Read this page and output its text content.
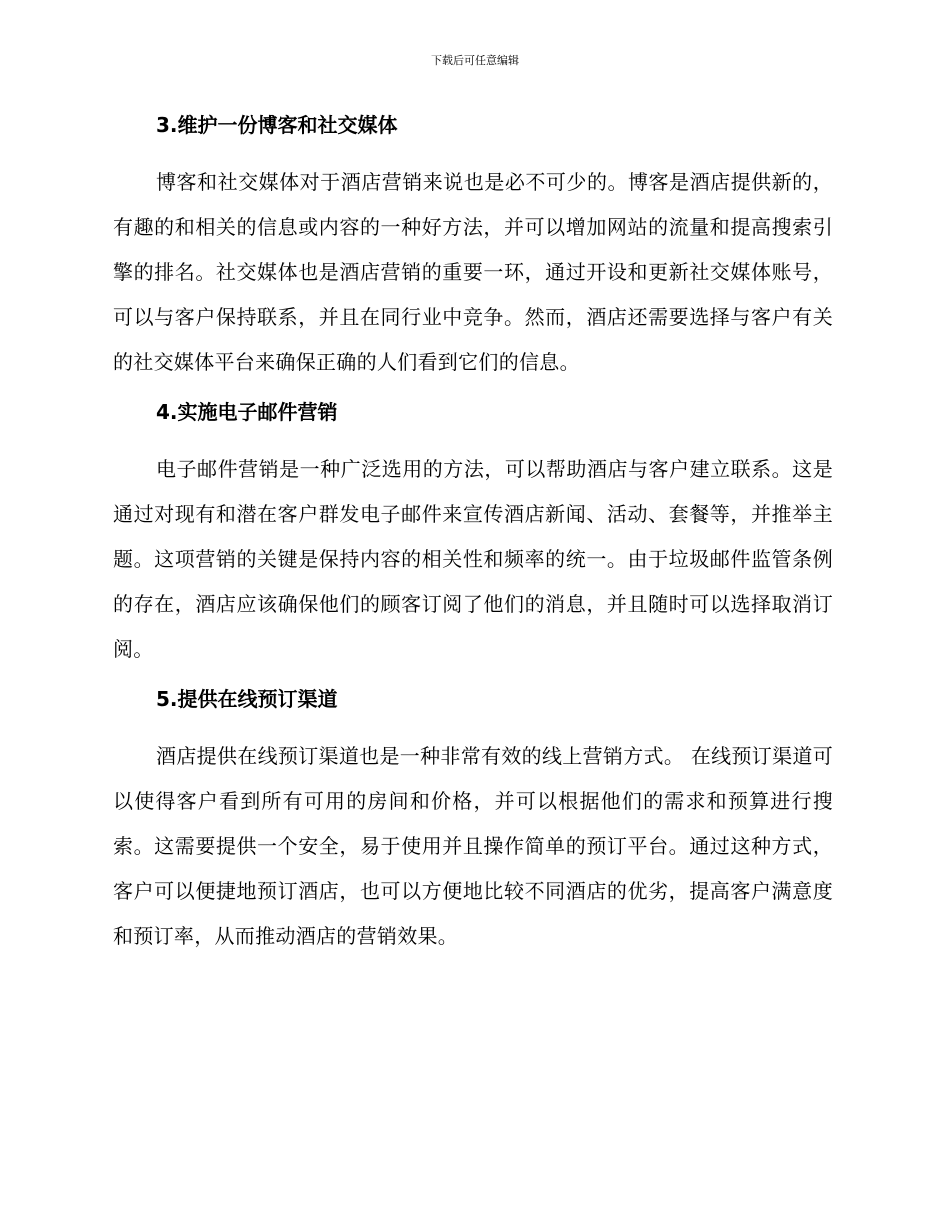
下载后可任意编辑
3.维护一份博客和社交媒体

博客和社交媒体对于酒店营销来说也是必不可少的。博客是酒店提供新的，有趣的和相关的信息或内容的一种好方法，并可以增加网站的流量和提高搜索引擎的排名。社交媒体也是酒店营销的重要一环，通过开设和更新社交媒体账号，可以与客户保持联系，并且在同行业中竞争。然而，酒店还需要选择与客户有关的社交媒体平台来确保正确的人们看到它们的信息。

4.实施电子邮件营销

电子邮件营销是一种广泛选用的方法，可以帮助酒店与客户建立联系。这是通过对现有和潜在客户群发电子邮件来宣传酒店新闻、活动、套餐等，并推举主题。这项营销的关键是保持内容的相关性和频率的统一。由于垃圾邮件监管条例的存在，酒店应该确保他们的顾客订阅了他们的消息，并且随时可以选择取消订阅。

5.提供在线预订渠道

酒店提供在线预订渠道也是一种非常有效的线上营销方式。 在线预订渠道可以使得客户看到所有可用的房间和价格，并可以根据他们的需求和预算进行搜索。这需要提供一个安全，易于使用并且操作简单的预订平台。通过这种方式，客户可以便捷地预订酒店，也可以方便地比较不同酒店的优劣，提高客户满意度和预订率，从而推动酒店的营销效果。
